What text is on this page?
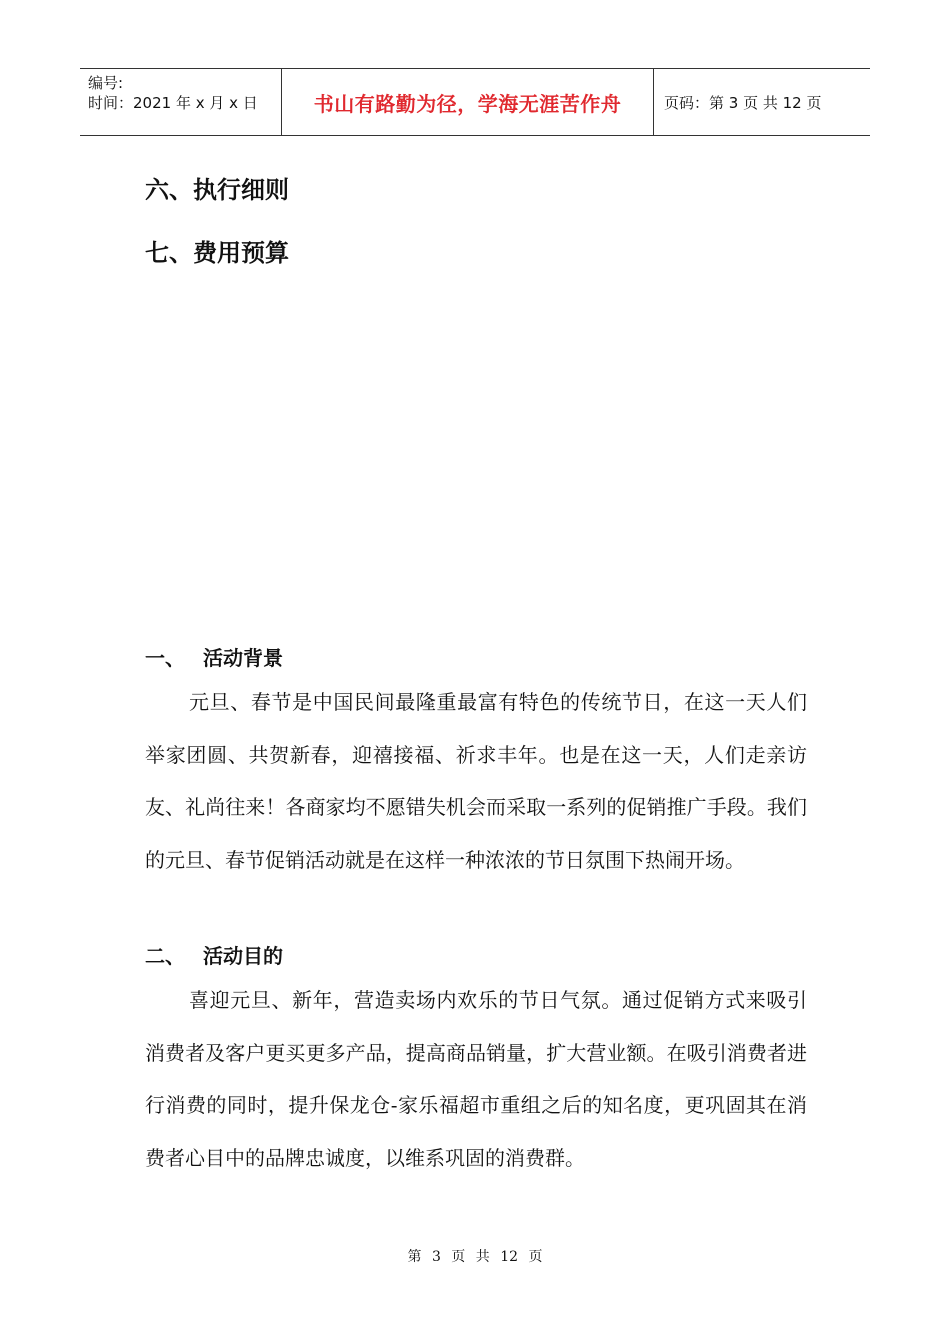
编号:
时间：2021 年 x 月 x 日	书山有路勤为径，学海无涯苦作舟	页码：第 3 页 共 12 页
六、执行细则
七、费用预算
一、 活动背景

元旦、春节是中国民间最隆重最富有特色的传统节日，在这一天人们举家团圆、共贺新春，迎禧接福、祈求丰年。也是在这一天，人们走亲访友、礼尚往来！各商家均不愿错失机会而采取一系列的促销推广手段。我们的元旦、春节促销活动就是在这样一种浓浓的节日氛围下热闹开场。

二、 活动目的

喜迎元旦、新年，营造卖场内欢乐的节日气氛。通过促销方式来吸引消费者及客户更买更多产品，提高商品销量，扩大营业额。在吸引消费者进行消费的同时，提升保龙仓-家乐福超市重组之后的知名度，更巩固其在消费者心目中的品牌忠诚度，以维系巩固的消费群。

第 3 页 共 12 页
